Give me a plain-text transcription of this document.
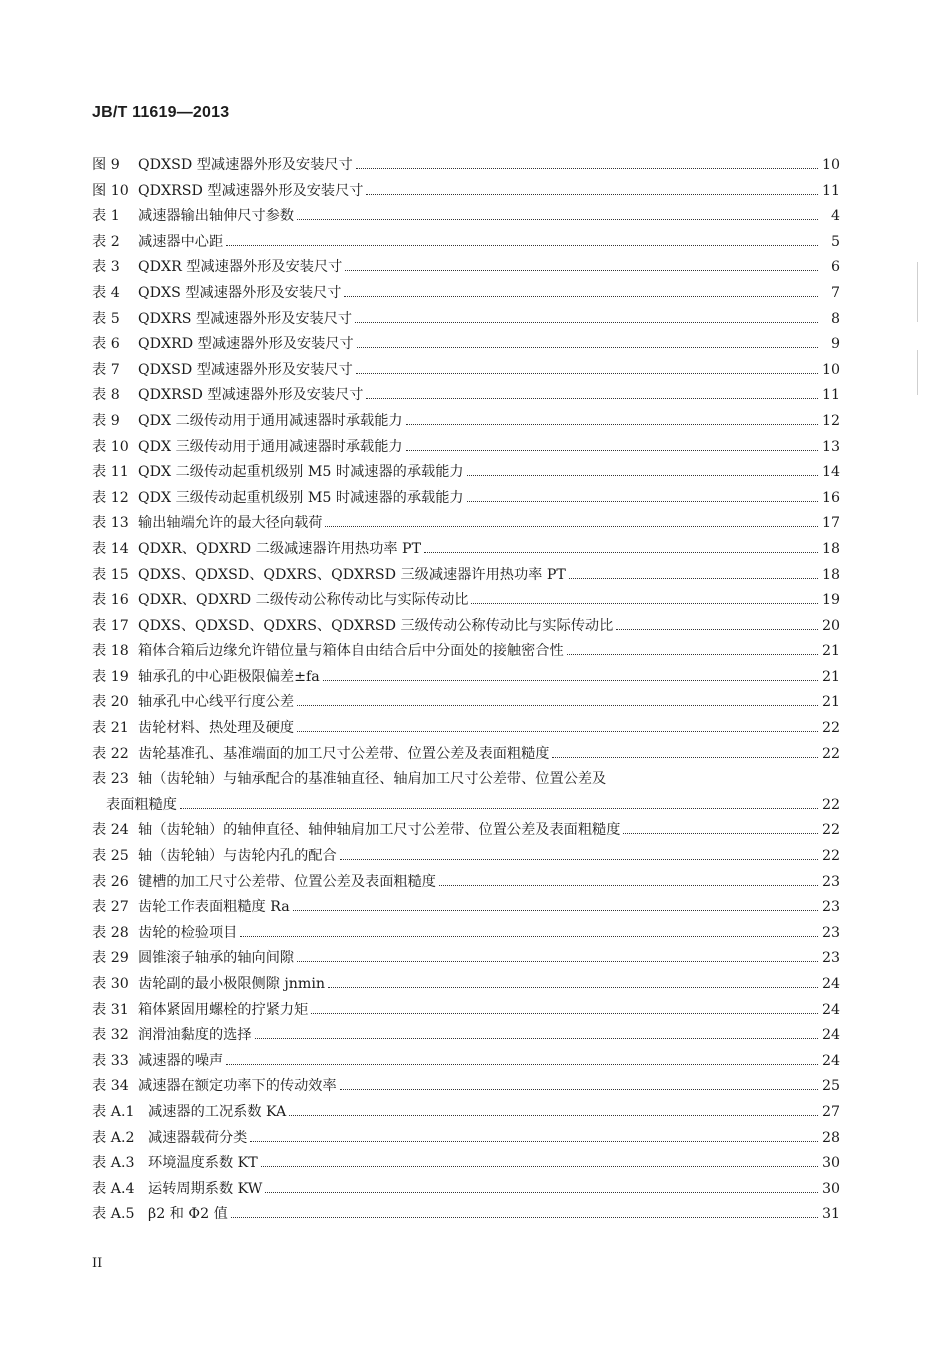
JB/T 11619—2013
图 9	QDXSD 型减速器外形及安装尺寸	10
图 10 QDXRSD 型减速器外形及安装尺寸	11
表 1	减速器输出轴伸尺寸参数	4
表 2	减速器中心距	5
表 3	QDXR 型减速器外形及安装尺寸	6
表 4	QDXS 型减速器外形及安装尺寸	7
表 5	QDXRS 型减速器外形及安装尺寸	8
表 6	QDXRD 型减速器外形及安装尺寸	9
表 7	QDXSD 型减速器外形及安装尺寸	10
表 8	QDXRSD 型减速器外形及安装尺寸	11
表 9	QDX 二级传动用于通用减速器时承载能力	12
表 10 QDX 三级传动用于通用减速器时承载能力	13
表 11 QDX 二级传动起重机级别 M5 时减速器的承载能力	14
表 12 QDX 三级传动起重机级别 M5 时减速器的承载能力	16
表 13 输出轴端允许的最大径向载荷	17
表 14 QDXR、QDXRD 二级减速器许用热功率 PT	18
表 15 QDXS、QDXSD、QDXRS、QDXRSD 三级减速器许用热功率 PT	18
表 16 QDXR、QDXRD 二级传动公称传动比与实际传动比	19
表 17 QDXS、QDXSD、QDXRS、QDXRSD 三级传动公称传动比与实际传动比	20
表 18 箱体合箱后边缘允许错位量与箱体自由结合后中分面处的接触密合性	21
表 19 轴承孔的中心距极限偏差±fa	21
表 20 轴承孔中心线平行度公差	21
表 21 齿轮材料、热处理及硬度	22
表 22 齿轮基准孔、基准端面的加工尺寸公差带、位置公差及表面粗糙度	22
表 23 轴（齿轮轴）与轴承配合的基准轴直径、轴肩加工尺寸公差带、位置公差及
表面粗糙度	22
表 24 轴（齿轮轴）的轴伸直径、轴伸轴肩加工尺寸公差带、位置公差及表面粗糙度	22
表 25 轴（齿轮轴）与齿轮内孔的配合	22
表 26 键槽的加工尺寸公差带、位置公差及表面粗糙度	23
表 27 齿轮工作表面粗糙度 Ra	23
表 28 齿轮的检验项目	23
表 29 圆锥滚子轴承的轴向间隙	23
表 30 齿轮副的最小极限侧隙 jnmin	24
表 31 箱体紧固用螺栓的拧紧力矩	24
表 32 润滑油黏度的选择	24
表 33 减速器的噪声	24
表 34 减速器在额定功率下的传动效率	25
表 A.1 减速器的工况系数 KA	27
表 A.2 减速器载荷分类	28
表 A.3 环境温度系数 KT	30
表 A.4 运转周期系数 KW	30
表 A.5 β2 和 Φ2 值	31
II
